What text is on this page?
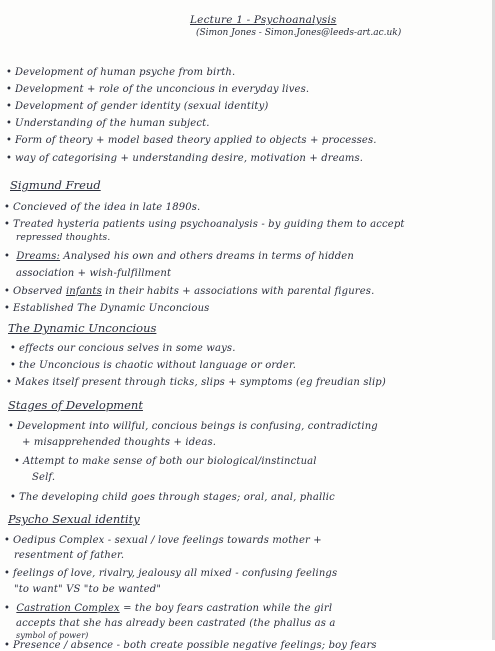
Lecture 1 - Psychoanalysis
(Simon Jones - Simon.Jones@leeds-art.ac.uk)
• Development of human psyche from birth.
• Development + role of the unconcious in everyday lives.
• Development of gender identity (sexual identity)
• Understanding of the human subject.
• Form of theory + model based theory applied to objects + processes.
• way of categorising + understanding desire, motivation + dreams.
Sigmund Freud
• Concieved of the idea in late 1890s.
• Treated hysteria patients using psychoanalysis - by guiding them to accept
repressed thoughts.
• Dreams: Analysed his own and others dreams in terms of hidden
association + wish-fulfillment
• Observed infants in their habits + associations with parental figures.
• Established The Dynamic Unconcious
The Dynamic Unconcious
• effects our concious selves in some ways.
• the Unconcious is chaotic without language or order.
• Makes itself present through ticks, slips + symptoms (eg freudian slip)
Stages of Development
• Development into willful, concious beings is confusing, contradicting
+ misapprehended thoughts + ideas.
• Attempt to make sense of both our biological/instinctual
Self.
• The developing child goes through stages; oral, anal, phallic
Psycho Sexual identity
• Oedipus Complex - sexual / love feelings towards mother +
resentment of father.
• feelings of love, rivalry, jealousy all mixed - confusing feelings
"to want" VS "to be wanted"
• Castration Complex = the boy fears castration while the girl
accepts that she has already been castrated (the phallus as a
symbol of power)
• Presence / absence - both create possible negative feelings; boy fears
